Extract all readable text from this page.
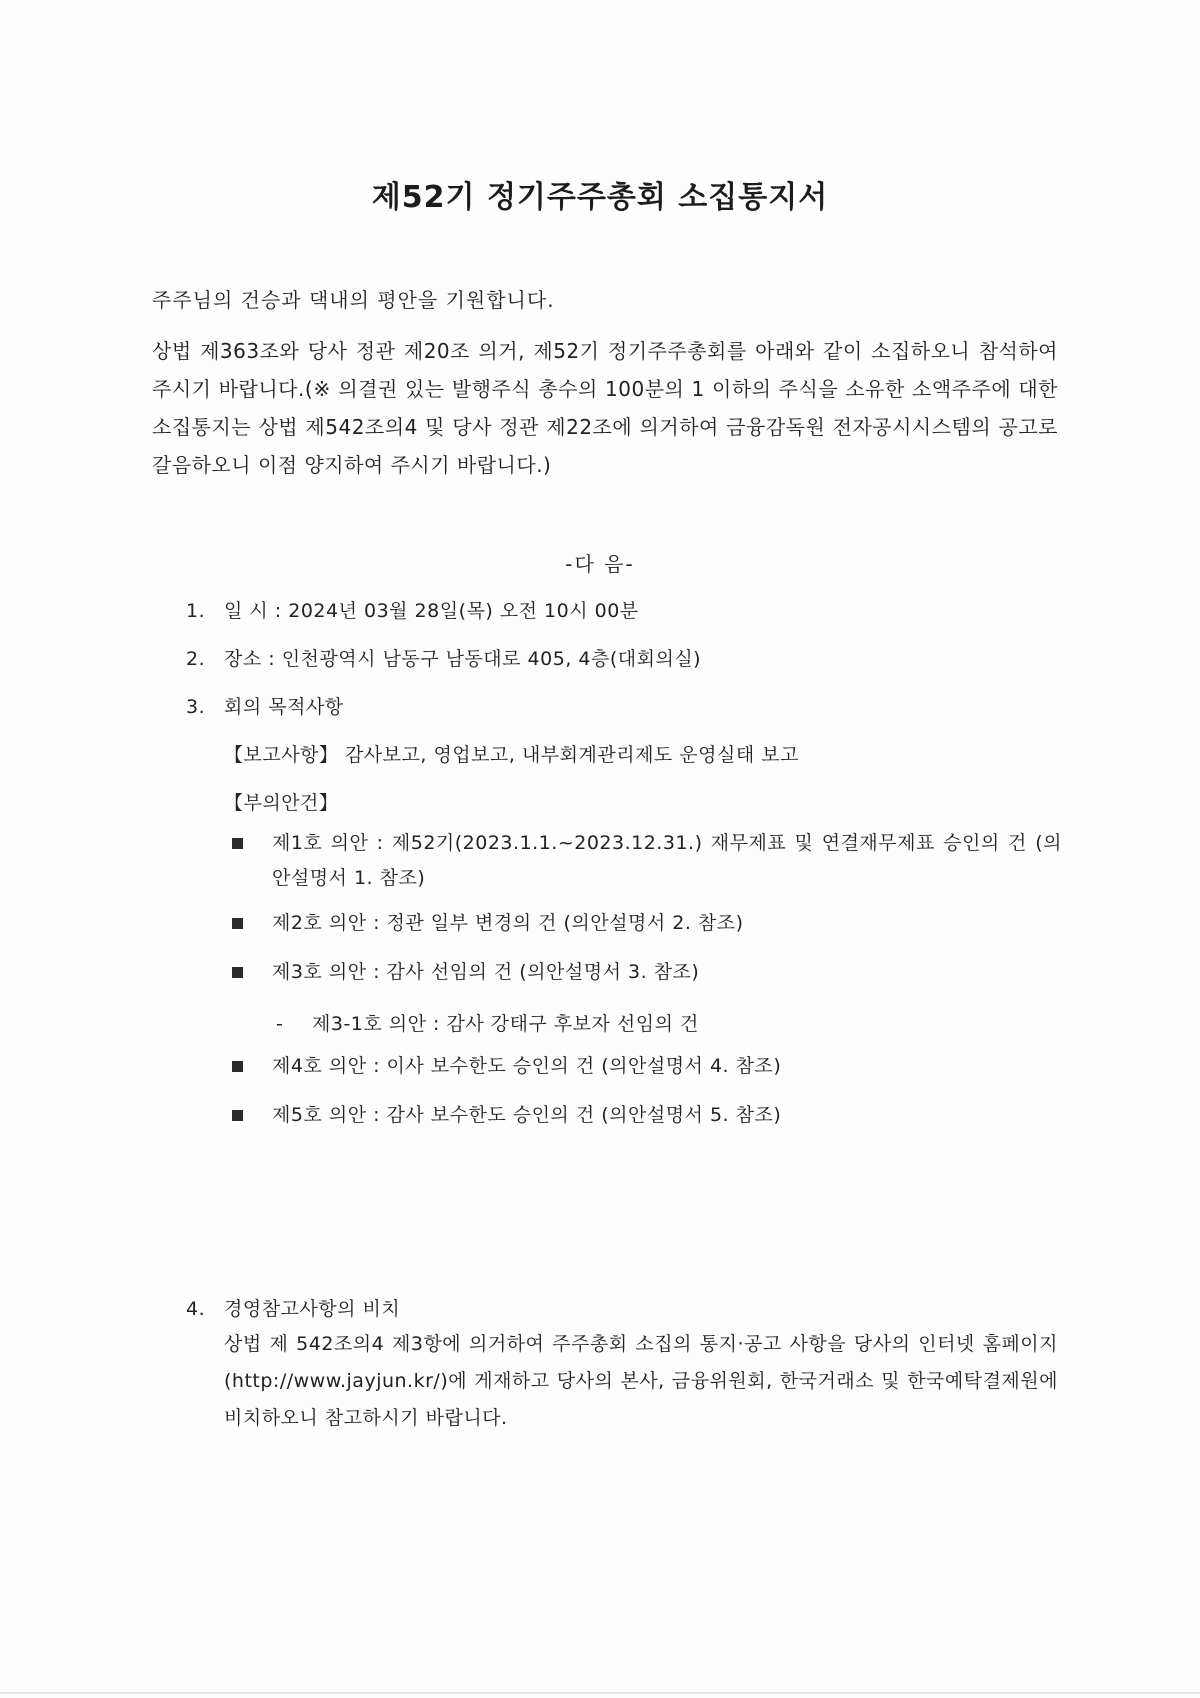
제52기 정기주주총회 소집통지서
주주님의 건승과 댁내의 평안을 기원합니다.

상법 제363조와 당사 정관 제20조 의거, 제52기 정기주주총회를 아래와 같이 소집하오니 참석하여 주시기 바랍니다.(※ 의결권 있는 발행주식 총수의 100분의 1 이하의 주식을 소유한 소액주주에 대한 소집통지는 상법 제542조의4 및 당사 정관 제22조에 의거하여 금융감독원 전자공시시스템의 공고로 갈음하오니 이점 양지하여 주시기 바랍니다.)

-다 음-
1. 일 시 : 2024년 03월 28일(목) 오전 10시 00분
2. 장소 : 인천광역시 남동구 남동대로 405, 4층(대회의실)
3. 회의 목적사항
【보고사항】 감사보고, 영업보고, 내부회계관리제도 운영실태 보고
【부의안건】
제1호 의안 : 제52기(2023.1.1.~2023.12.31.) 재무제표 및 연결재무제표 승인의 건 (의안설명서 1. 참조)
제2호 의안 : 정관 일부 변경의 건 (의안설명서 2. 참조)
제3호 의안 : 감사 선임의 건 (의안설명서 3. 참조)
- 제3-1호 의안 : 감사 강태구 후보자 선임의 건
제4호 의안 : 이사 보수한도 승인의 건 (의안설명서 4. 참조)
제5호 의안 : 감사 보수한도 승인의 건 (의안설명서 5. 참조)
4. 경영참고사항의 비치

상법 제 542조의4 제3항에 의거하여 주주총회 소집의 통지·공고 사항을 당사의 인터넷 홈페이지(http://www.jayjun.kr/)에 게재하고 당사의 본사, 금융위원회, 한국거래소 및 한국예탁결제원에 비치하오니 참고하시기 바랍니다.
